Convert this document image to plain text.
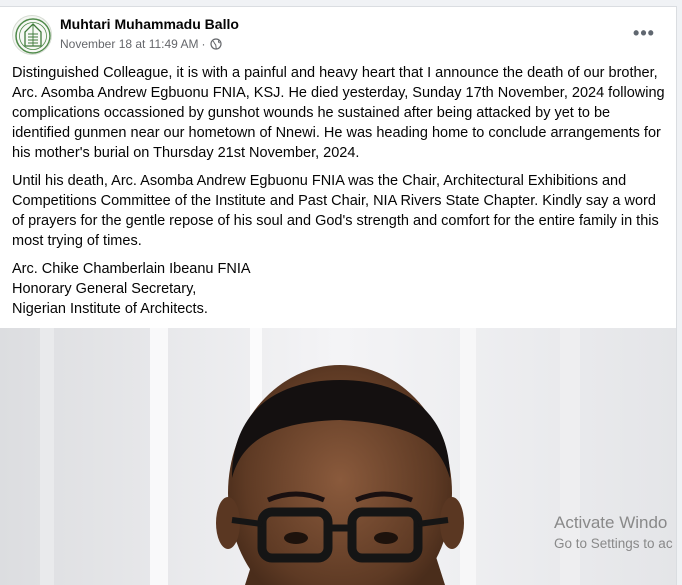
Muhtari Muhammadu Ballo
November 18 at 11:49 AM ·
•••

Distinguished Colleague, it is with a painful and heavy heart that I announce the death of our brother, Arc. Asomba Andrew Egbuonu FNIA, KSJ. He died yesterday, Sunday 17th November, 2024 following complications occassioned by gunshot wounds he sustained after being attacked by yet to be identified gunmen near our hometown of Nnewi. He was heading home to conclude arrangements for his mother's burial on Thursday 21st November, 2024.

Until his death, Arc. Asomba Andrew Egbuonu FNIA was the Chair, Architectural Exhibitions and Competitions Committee of the Institute and Past Chair, NIA Rivers State Chapter. Kindly say a word of prayers for the gentle repose of his soul and God's strength and comfort for the entire family in this most trying of times.

Arc. Chike Chamberlain Ibeanu FNIA
Honorary General Secretary,
Nigerian Institute of Architects.

Activate Windo
Go to Settings to ac
